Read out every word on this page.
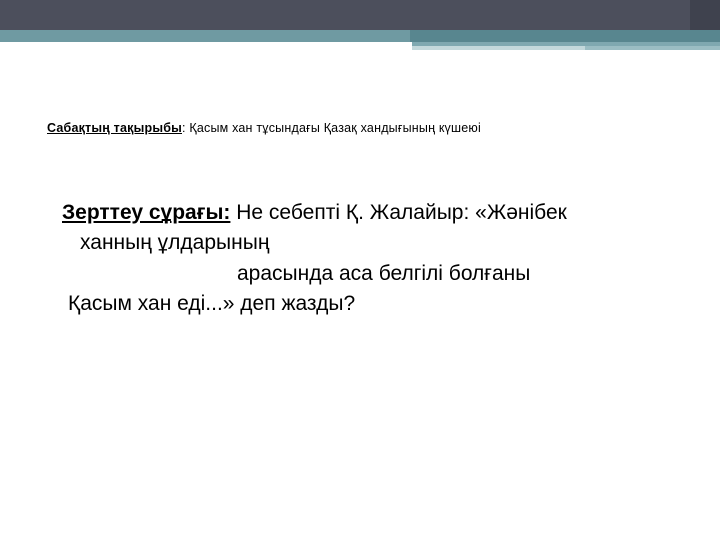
Сабақтың тақырыбы: Қасым хан тұсындағы Қазақ хандығының күшеюі
Зерттеу сұрағы: Не себепті Қ. Жалайыр: «Жәнібек
ханның ұлдарының
арасында аса белгілі болғаны
Қасым хан еді...» деп жазды?
